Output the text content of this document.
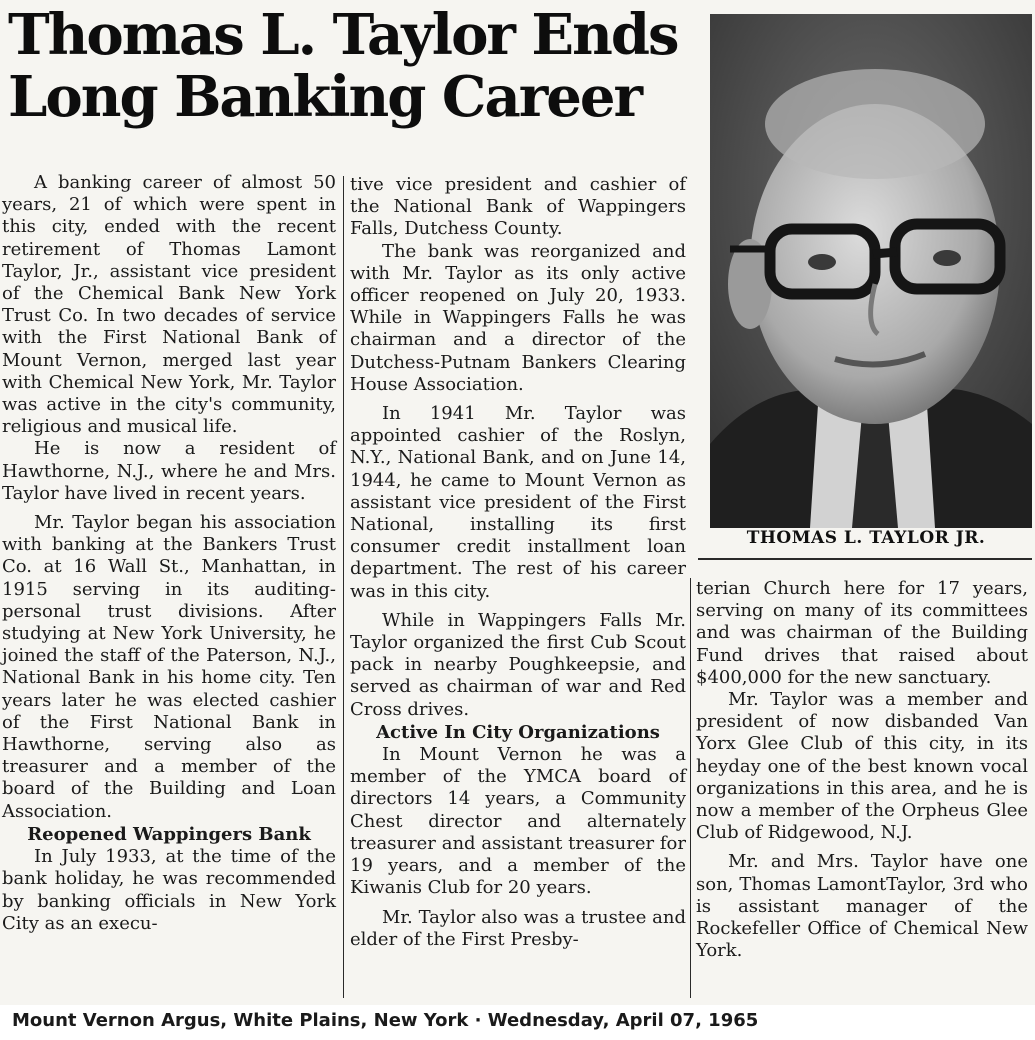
Thomas L. Taylor Ends
Long Banking Career

A banking career of almost 50 years, 21 of which were spent in this city, ended with the recent retirement of Thomas Lamont Taylor, Jr., assistant vice president of the Chemical Bank New York Trust Co. In two decades of service with the First National Bank of Mount Vernon, merged last year with Chemical New York, Mr. Taylor was active in the city's community, religious and musical life.

He is now a resident of Hawthorne, N.J., where he and Mrs. Taylor have lived in recent years.

Mr. Taylor began his association with banking at the Bankers Trust Co. at 16 Wall St., Manhattan, in 1915 serving in its auditing-personal trust divisions. After studying at New York University, he joined the staff of the Paterson, N.J., National Bank in his home city. Ten years later he was elected cashier of the First National Bank in Hawthorne, serving also as treasurer and a member of the board of the Building and Loan Association.

Reopened Wappingers Bank

In July 1933, at the time of the bank holiday, he was recommended by banking officials in New York City as an execu-

tive vice president and cashier of the National Bank of Wappingers Falls, Dutchess County.

The bank was reorganized and with Mr. Taylor as its only active officer reopened on July 20, 1933. While in Wappingers Falls he was chairman and a director of the Dutchess-Putnam Bankers Clearing House Association.

In 1941 Mr. Taylor was appointed cashier of the Roslyn, N.Y., National Bank, and on June 14, 1944, he came to Mount Vernon as assistant vice president of the First National, installing its first consumer credit installment loan department. The rest of his career was in this city.

While in Wappingers Falls Mr. Taylor organized the first Cub Scout pack in nearby Poughkeepsie, and served as chairman of war and Red Cross drives.

Active In City Organizations

In Mount Vernon he was a member of the YMCA board of directors 14 years, a Community Chest director and alternately treasurer and assistant treasurer for 19 years, and a member of the Kiwanis Club for 20 years.

Mr. Taylor also was a trustee and elder of the First Presby-

THOMAS L. TAYLOR JR.

terian Church here for 17 years, serving on many of its committees and was chairman of the Building Fund drives that raised about $400,000 for the new sanctuary.

Mr. Taylor was a member and president of now disbanded Van Yorx Glee Club of this city, in its heyday one of the best known vocal organizations in this area, and he is now a member of the Orpheus Glee Club of Ridgewood, N.J.

Mr. and Mrs. Taylor have one son, Thomas LamontTaylor, 3rd who is assistant manager of the Rockefeller Office of Chemical New York.

Mount Vernon Argus, White Plains, New York · Wednesday, April 07, 1965
